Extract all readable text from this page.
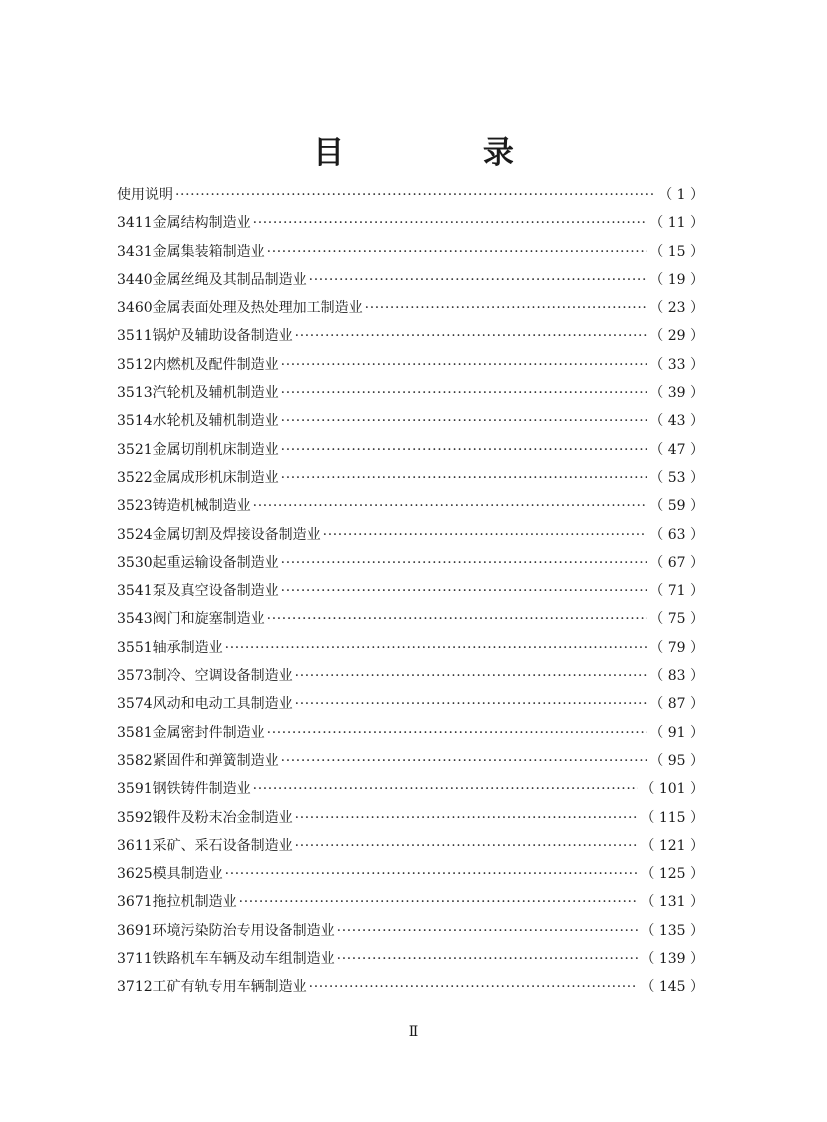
目 录
使用说明 ·····	（ 1 ）
3411金属结构制造业 ·····	（ 11 ）
3431金属集装箱制造业 ·····	（ 15 ）
3440金属丝绳及其制品制造业 ·····	（ 19 ）
3460金属表面处理及热处理加工制造业 ·····	（ 23 ）
3511锅炉及辅助设备制造业 ·····	（ 29 ）
3512内燃机及配件制造业 ·····	（ 33 ）
3513汽轮机及辅机制造业 ·····	（ 39 ）
3514水轮机及辅机制造业 ·····	（ 43 ）
3521金属切削机床制造业 ·····	（ 47 ）
3522金属成形机床制造业 ·····	（ 53 ）
3523铸造机械制造业 ·····	（ 59 ）
3524金属切割及焊接设备制造业 ·····	（ 63 ）
3530起重运输设备制造业 ·····	（ 67 ）
3541泵及真空设备制造业 ·····	（ 71 ）
3543阀门和旋塞制造业 ·····	（ 75 ）
3551轴承制造业 ·····	（ 79 ）
3573制冷、空调设备制造业 ·····	（ 83 ）
3574风动和电动工具制造业 ·····	（ 87 ）
3581金属密封件制造业 ·····	（ 91 ）
3582紧固件和弹簧制造业 ·····	（ 95 ）
3591钢铁铸件制造业 ·····	（ 101 ）
3592锻件及粉末冶金制造业 ·····	（ 115 ）
3611采矿、采石设备制造业 ·····	（ 121 ）
3625模具制造业 ·····	（ 125 ）
3671拖拉机制造业 ·····	（ 131 ）
3691环境污染防治专用设备制造业 ·····	（ 135 ）
3711铁路机车车辆及动车组制造业 ·····	（ 139 ）
3712工矿有轨专用车辆制造业 ·····	（ 145 ）
Ⅱ
